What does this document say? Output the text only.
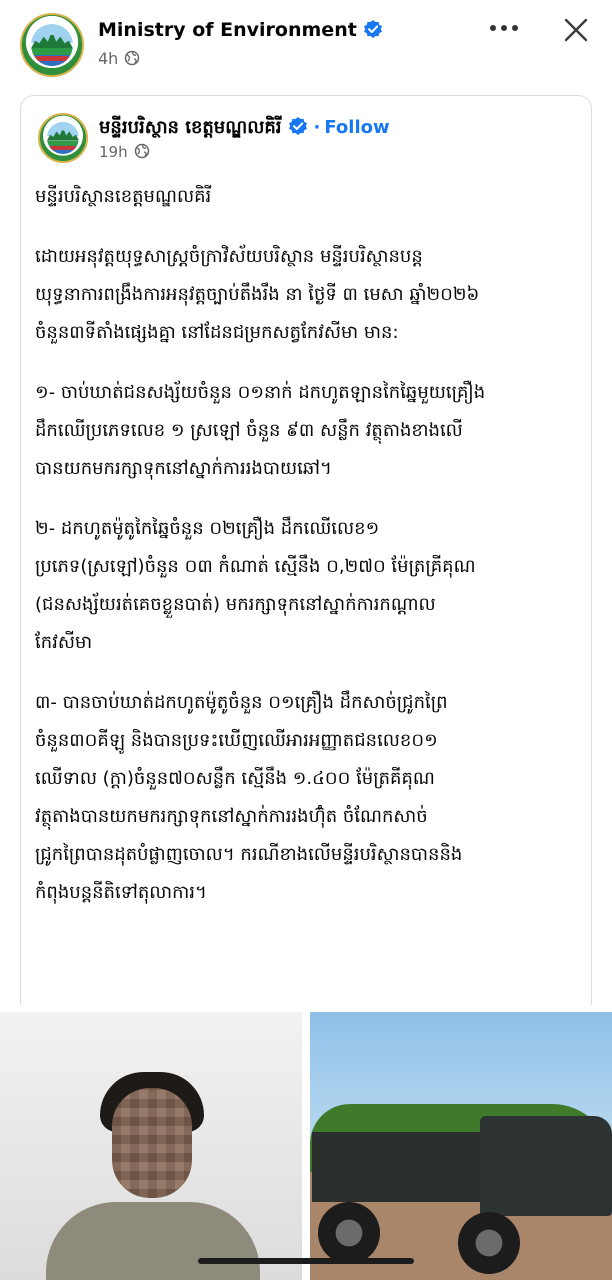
Ministry of Environment
4h
មន្ទីរបរិស្ថាន ខេត្តមណ្ឌលគិរី · Follow
19h

មន្ទីរបរិស្ថានខេត្តមណ្ឌលគិរី

ដោយអនុវត្តយុទ្ធសាស្ត្រចំក្រាវិស័យបរិស្ថាន មន្ទីរបរិស្ថានបន្ត
យុទ្ធនាការពង្រឹងការអនុវត្តច្បាប់តឹងរឹង នា ថ្ងៃទី ៣ មេសា ឆ្នាំ២០២៦
ចំនួន៣ទីតាំងផ្សេងគ្នា នៅដែនជម្រកសត្វកែវសីមា មាន:

១- ចាប់ឃាត់ជនសង្ស័យចំនួន ០១នាក់ ដកហូតឡានកៃឆ្នៃមួយគ្រឿង
ដឹកឈើប្រភេទលេខ ១ ស្រឡៅ ចំនួន ៩៣ សន្លឹក វត្ថុតាងខាងលើ
បានយកមករក្សាទុកនៅស្នាក់ការរងបាយឆៅ។

២- ដកហូតម៉ូតូកៃឆ្នៃចំនួន ០២គ្រឿង ដឹកឈើលេខ១
ប្រភេទ(ស្រឡៅ)ចំនួន ០៣ កំណាត់ ស្មើនឹង ០,២៧០ ម៉ែត្រគ្រីគុណ
(ជនសង្ស័យរត់គេចខ្លួនបាត់) មករក្សាទុកនៅស្នាក់ការកណ្តាល
កែវសីមា

៣- បានចាប់ឃាត់ដកហូតម៉ូតូចំនួន ០១គ្រឿង ដឹកសាច់ជ្រូកព្រៃ
ចំនួន៣០គីឡូ និងបានប្រទះឃើញឈើអារអញ្ញាតជនលេខ០១
ឈើទាល (ក្តា)ចំនួន៧០សន្លឹក ស្មើនឹង ១.៤០០ ម៉ែត្រគីគុណ
វត្ថុតាងបានយកមករក្សាទុកនៅស្នាក់ការរងហ៊ុំត ចំណែកសាច់
ជ្រូកព្រៃបានដុតបំផ្លាញចោល។ ករណីខាងលើមន្ទីរបរិស្ថានបាននិង
កំពុងបន្តនីតិទៅតុលាការ។
